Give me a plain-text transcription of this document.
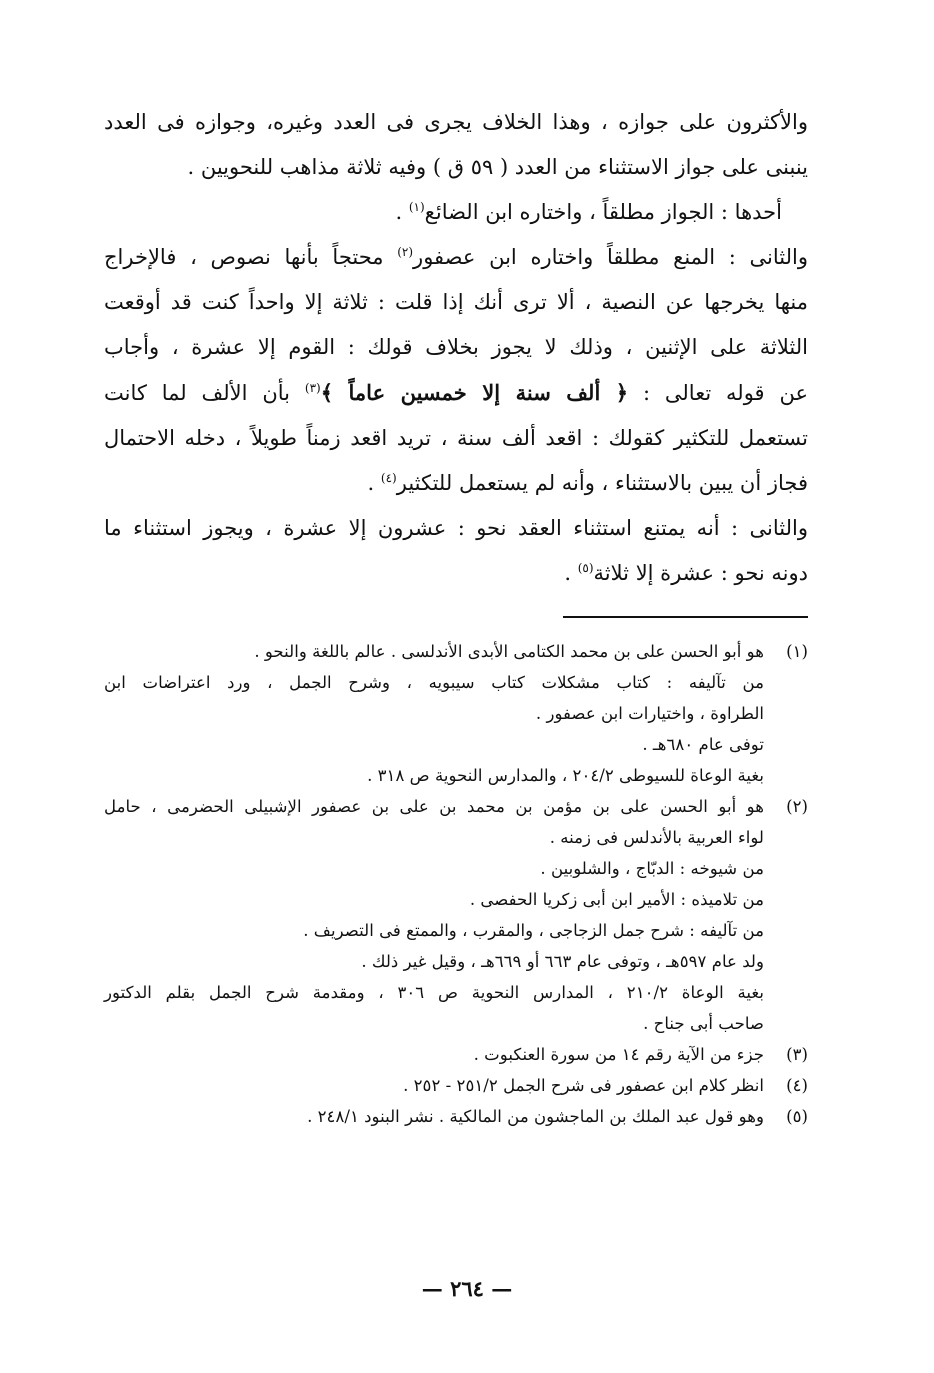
والأكثرون على جوازه ، وهذا الخلاف يجرى فى العدد وغيره، وجوازه فى العدد
ينبنى على جواز الاستثناء من العدد ( ٥٩ ق ) وفيه ثلاثة مذاهب للنحويين .
أحدها : الجواز مطلقاً ، واختاره ابن الضائع$^{(١)}$ .
والثانى : المنع مطلقاً واختاره ابن عصفور$^{(٢)}$ محتجاً بأنها نصوص ، فالإخراج
منها يخرجها عن النصية ، ألا ترى أنك إذا قلت : ثلاثة إلا واحداً كنت قد أوقعت
الثلاثة على الإثنين ، وذلك لا يجوز بخلاف قولك : القوم إلا عشرة ، وأجاب
عن قوله تعالى : ﴿ ألف سنة إلا خمسين عاماً ﴾$^{(٣)}$ بأن الألف لما كانت
تستعمل للتكثير كقولك : اقعد ألف سنة ، تريد اقعد زمناً طويلاً ، دخله الاحتمال
فجاز أن يبين بالاستثناء ، وأنه لم يستعمل للتكثير$^{(٤)}$ .
والثانى : أنه يمتنع استثناء العقد نحو : عشرون إلا عشرة ، ويجوز استثناء ما
دونه نحو : عشرة إلا ثلاثة$^{(٥)}$ .
(١)
هو أبو الحسن على بن محمد الكتامى الأبدى الأندلسى . عالم باللغة والنحو .
من تآليفه : كتاب مشكلات كتاب سيبويه ، وشرح الجمل ، ورد اعتراضات ابن
الطراوة ، واختيارات ابن عصفور .
توفى عام ٦٨٠هـ .
بغية الوعاة للسيوطى ٢٠٤/٢ ، والمدارس النحوية ص ٣١٨ .
(٢)
هو أبو الحسن على بن مؤمن بن محمد بن على بن عصفور الإشبيلى الحضرمى ، حامل
لواء العربية بالأندلس فى زمنه .
من شيوخه : الدبّاج ، والشلوبين .
من تلاميذه : الأمير ابن أبى زكريا الحفصى .
من تآليفه : شرح جمل الزجاجى ، والمقرب ، والممتع فى التصريف .
ولد عام ٥٩٧هـ ، وتوفى عام ٦٦٣ أو ٦٦٩هـ ، وقيل غير ذلك .
بغية الوعاة ٢١٠/٢ ، المدارس النحوية ص ٣٠٦ ، ومقدمة شرح الجمل بقلم الدكتور
صاحب أبى جناح .
(٣)
جزء من الآية رقم ١٤ من سورة العنكبوت .
(٤)
انظر كلام ابن عصفور فى شرح الجمل ٢٥١/٢ - ٢٥٢ .
(٥)
وهو قول عبد الملك بن الماجشون من المالكية . نشر البنود ٢٤٨/١ .
— ٢٦٤ —
